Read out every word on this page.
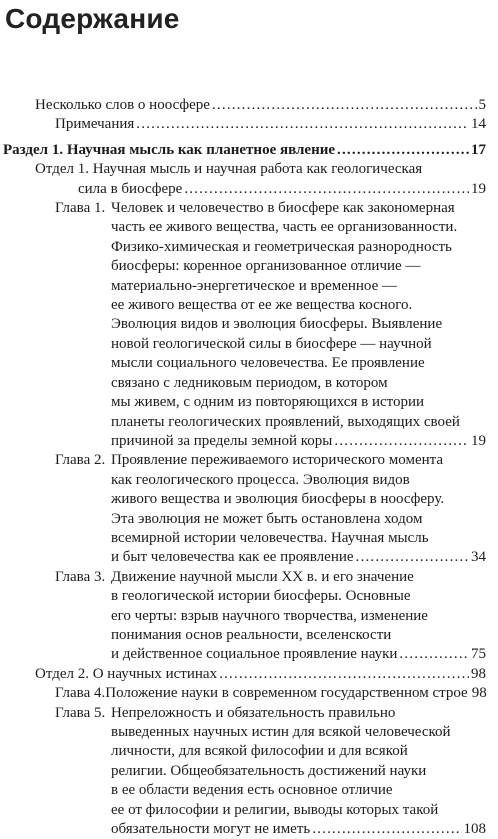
Содержание
Несколько слов о ноосфере .....	5
Примечания .....	14
Раздел 1. Научная мысль как планетное явление .....	17
Отдел 1. Научная мысль и научная работа как геологическая
сила в биосфере .....	19
Глава 1. Человек и человечество в биосфере как закономерная
часть ее живого вещества, часть ее организованности.
Физико-химическая и геометрическая разнородность
биосферы: коренное организованное отличие —
материально-энергетическое и временное —
ее живого вещества от ее же вещества косного.
Эволюция видов и эволюция биосферы. Выявление
новой геологической силы в биосфере — научной
мысли социального человечества. Ее проявление
связано с ледниковым периодом, в котором
мы живем, с одним из повторяющихся в истории
планеты геологических проявлений, выходящих своей
причиной за пределы земной коры .....	19
Глава 2. Проявление переживаемого исторического момента
как геологического процесса. Эволюция видов
живого вещества и эволюция биосферы в ноосферу.
Эта эволюция не может быть остановлена ходом
всемирной истории человечества. Научная мысль
и быт человечества как ее проявление .....	34
Глава 3. Движение научной мысли XX в. и его значение
в геологической истории биосферы. Основные
его черты: взрыв научного творчества, изменение
понимания основ реальности, вселенскости
и действенное социальное проявление науки .....	75
Отдел 2. О научных истинах .....	98
Глава 4. Положение науки в современном государственном строе 98
Глава 5. Непреложность и обязательность правильно
выведенных научных истин для всякой человеческой
личности, для всякой философии и для всякой
религии. Общеобязательность достижений науки
в ее области ведения есть основное отличие
ее от философии и религии, выводы которых такой
обязательности могут не иметь .....	108
